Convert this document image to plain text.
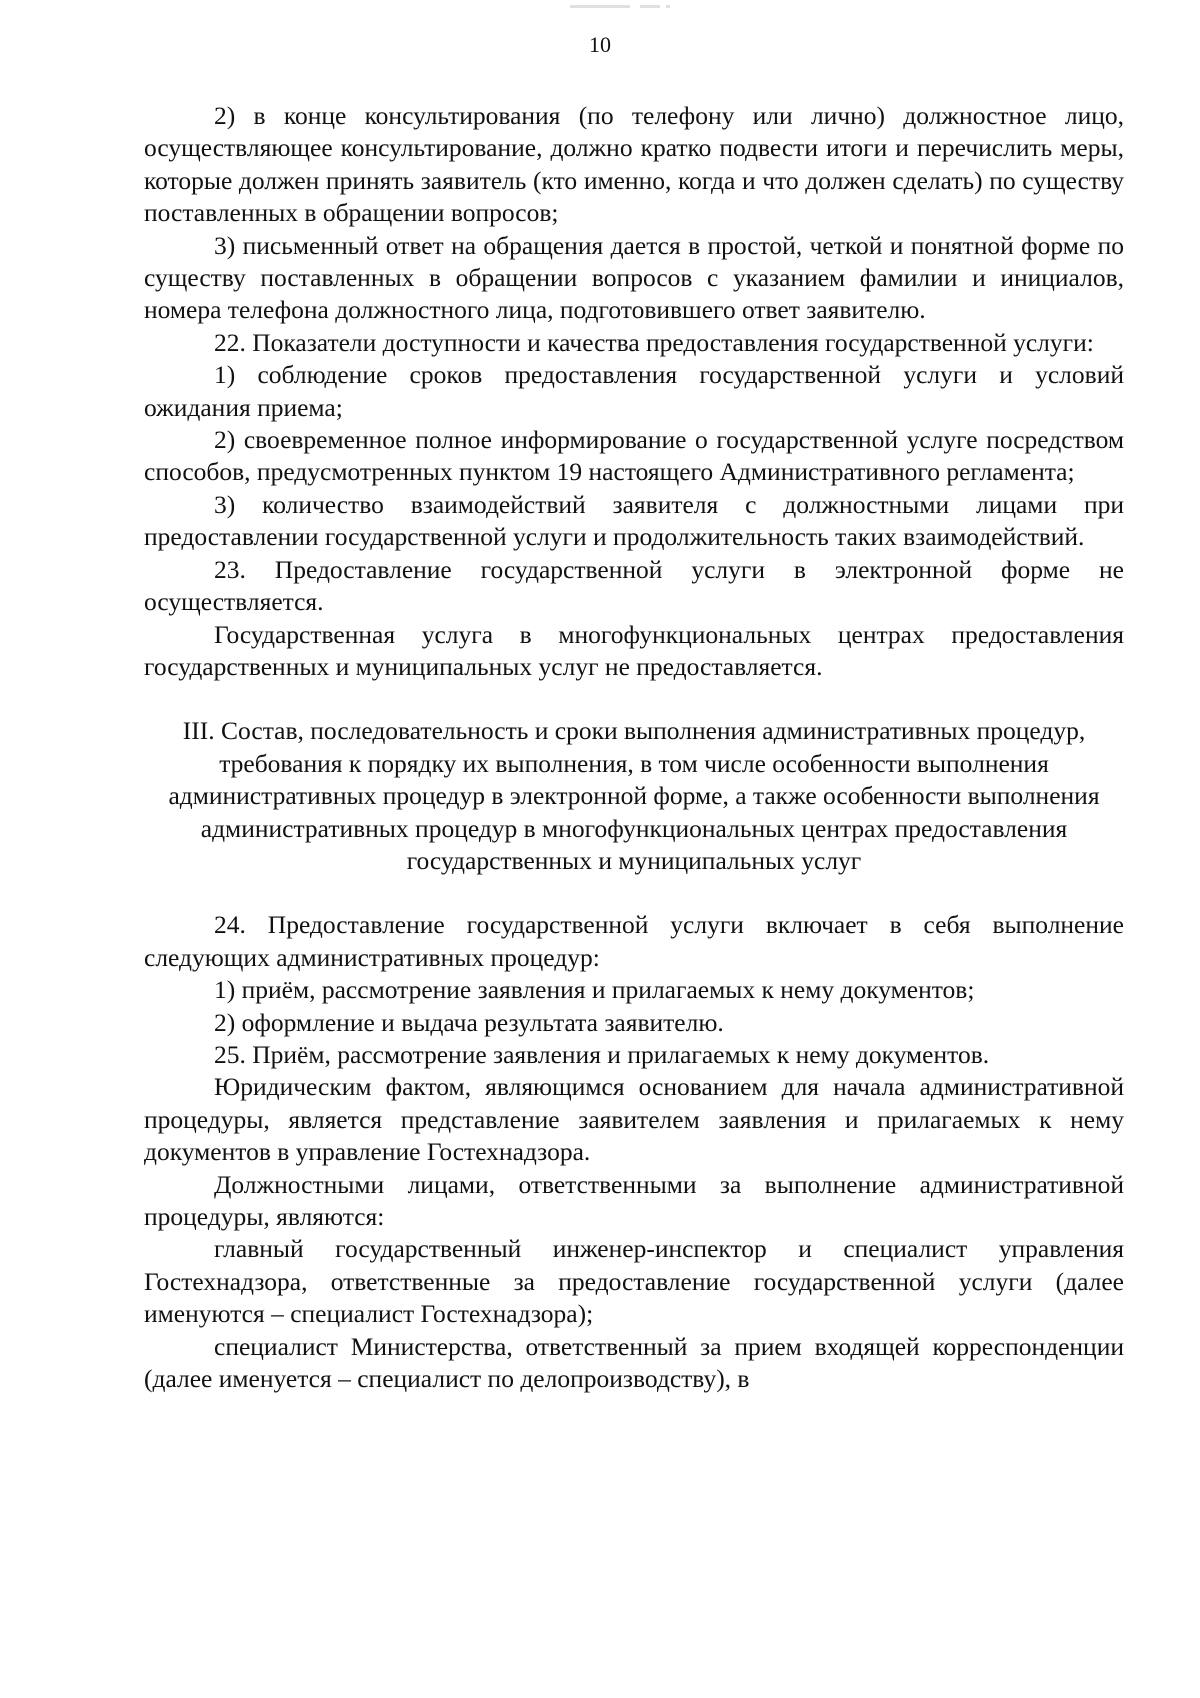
10

2) в конце консультирования (по телефону или лично) должностное лицо, осуществляющее консультирование, должно кратко подвести итоги и перечислить меры, которые должен принять заявитель (кто именно, когда и что должен сделать) по существу поставленных в обращении вопросов;

3) письменный ответ на обращения дается в простой, четкой и понятной форме по существу поставленных в обращении вопросов с указанием фамилии и инициалов, номера телефона должностного лица, подготовившего ответ заявителю.

22. Показатели доступности и качества предоставления государственной услуги:

1) соблюдение сроков предоставления государственной услуги и условий ожидания приема;

2) своевременное полное информирование о государственной услуге посредством способов, предусмотренных пунктом 19 настоящего Административного регламента;

3) количество взаимодействий заявителя с должностными лицами при предоставлении государственной услуги и продолжительность таких взаимодействий.

23. Предоставление государственной услуги в электронной форме не осуществляется.

Государственная услуга в многофункциональных центрах предоставления государственных и муниципальных услуг не предоставляется.

III. Состав, последовательность и сроки выполнения административных процедур, требования к порядку их выполнения, в том числе особенности выполнения административных процедур в электронной форме, а также особенности выполнения административных процедур в многофункциональных центрах предоставления государственных и муниципальных услуг

24. Предоставление государственной услуги включает в себя выполнение следующих административных процедур:

1) приём, рассмотрение заявления и прилагаемых к нему документов;

2) оформление и выдача результата заявителю.

25. Приём, рассмотрение заявления и прилагаемых к нему документов.

Юридическим фактом, являющимся основанием для начала административной процедуры, является представление заявителем заявления и прилагаемых к нему документов в управление Гостехнадзора.

Должностными лицами, ответственными за выполнение административной процедуры, являются:

главный государственный инженер-инспектор и специалист управления Гостехнадзора, ответственные за предоставление государственной услуги (далее именуются – специалист Гостехнадзора);

специалист Министерства, ответственный за прием входящей корреспонденции (далее именуется – специалист по делопроизводству), в
